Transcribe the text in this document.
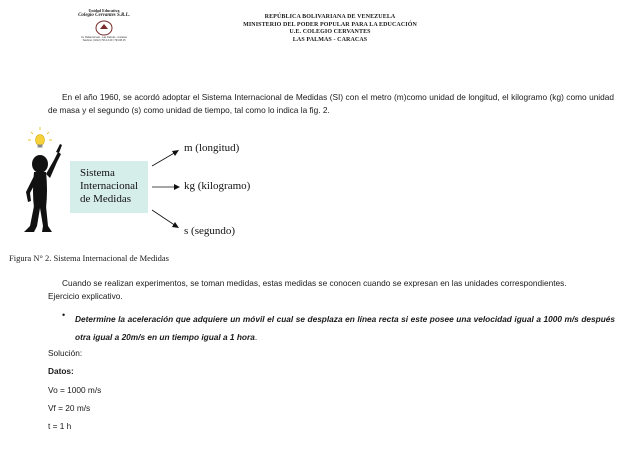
Unidad Educativa
Colegio Cervantes S.R.L.
Av. Rafael Arvelo - Las Palmas - Caracas
Telefono: (0212) 793.13.49 / 793.08.15
REPÚBLICA BOLIVARIANA DE VENEZUELA
MINISTERIO DEL PODER POPULAR PARA LA EDUCACIÓN
U.E. COLEGIO CERVANTES
LAS PALMAS - CARACAS
En el año 1960, se acordó adoptar el Sistema Internacional de Medidas (SI) con el metro (m)como unidad de longitud, el kilogramo (kg) como unidad de masa y el segundo (s) como unidad de tiempo, tal como lo indica la fig. 2.
Sistema Internacional de Medidas
m (longitud)
kg (kilogramo)
s (segundo)
Figura N° 2. Sistema Internacional de Medidas
Cuando se realizan experimentos, se toman medidas, estas medidas se conocen cuando se expresan en las unidades correspondientes.
Ejercicio explicativo.
• Determine la aceleración que adquiere un móvil el cual se desplaza en línea recta si este posee una velocidad igual a 1000 m/s después otra igual a 20m/s en un tiempo igual a 1 hora.
Solución:
Datos:
Vo = 1000 m/s
Vf = 20 m/s
t = 1 h
